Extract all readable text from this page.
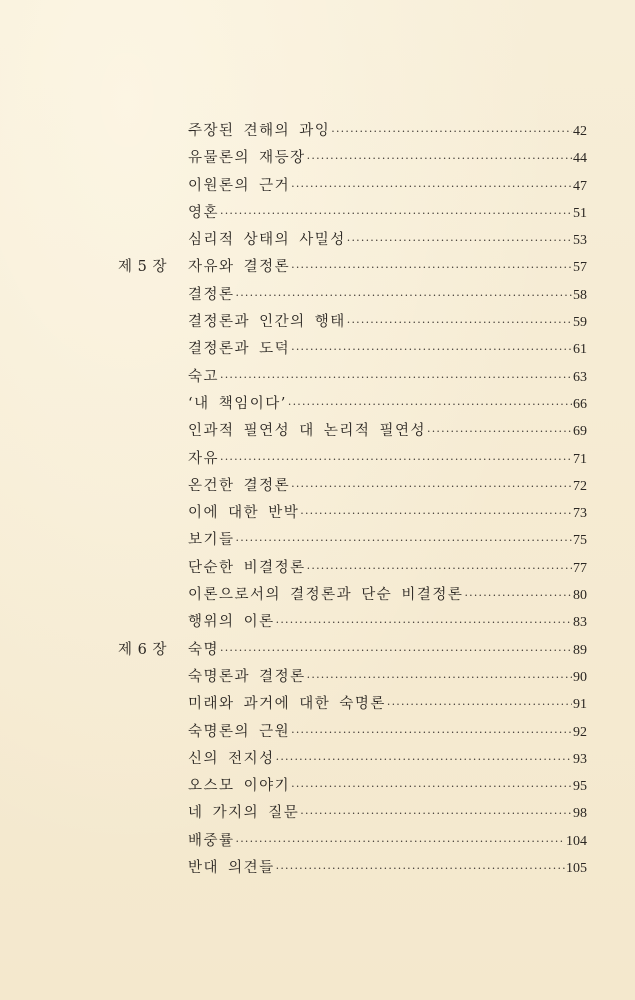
주장된 견해의 과잉 ·····	42
유물론의 재등장 ·····	44
이원론의 근거 ·····	47
영혼 ·····	51
심리적 상태의 사밀성 ·····	53
제 5 장	자유와 결정론 ·····	57
결정론 ·····	58
결정론과 인간의 행태 ·····	59
결정론과 도덕 ·····	61
숙고 ·····	63
‘내 책임이다’ ·····	66
인과적 필연성 대 논리적 필연성 ·····	69
자유 ·····	71
온건한 결정론 ·····	72
이에 대한 반박 ·····	73
보기들 ·····	75
단순한 비결정론 ·····	77
이론으로서의 결정론과 단순 비결정론 ·····	80
행위의 이론 ·····	83
제 6 장	숙명 ·····	89
숙명론과 결정론 ·····	90
미래와 과거에 대한 숙명론 ·····	91
숙명론의 근원 ·····	92
신의 전지성 ·····	93
오스모 이야기 ·····	95
네 가지의 질문 ·····	98
배중률 ·····	104
반대 의견들 ·····	105
